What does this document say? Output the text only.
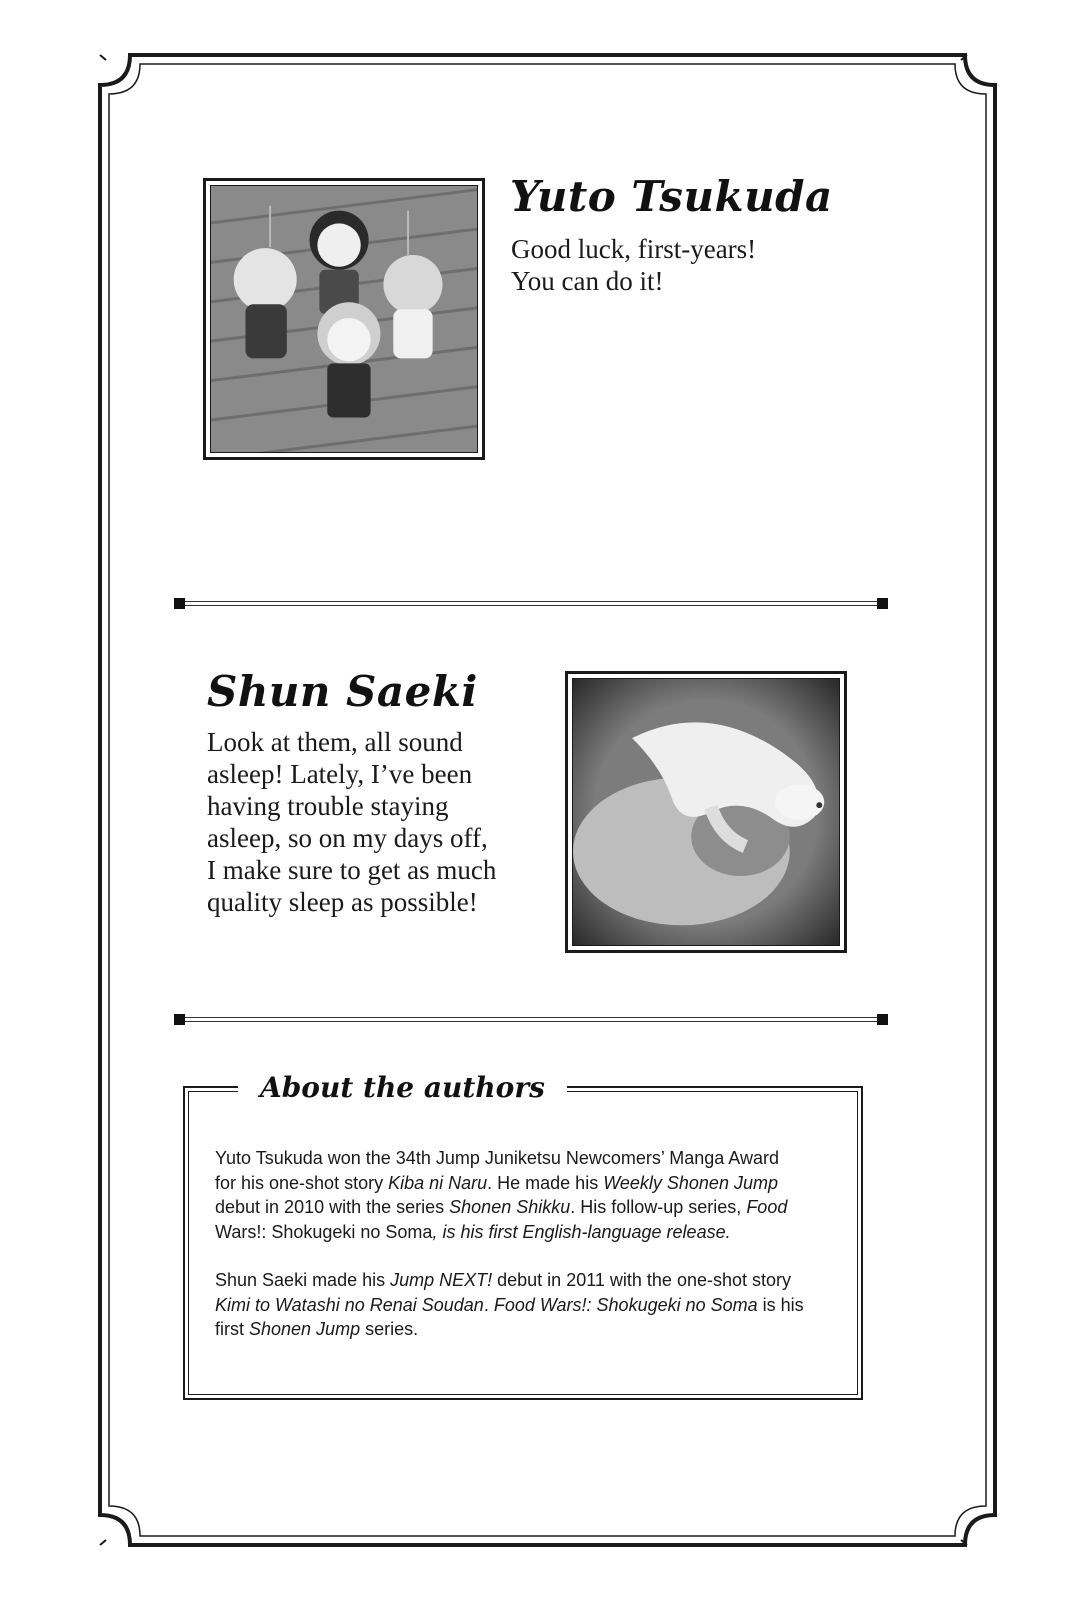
Yuto Tsukuda

Good luck, first-years!
You can do it!

Shun Saeki

Look at them, all sound
asleep! Lately, I’ve been
having trouble staying
asleep, so on my days off,
I make sure to get as much
quality sleep as possible!

About the authors

Yuto Tsukuda won the 34th Jump Juniketsu Newcomers’ Manga Award
for his one-shot story Kiba ni Naru. He made his Weekly Shonen Jump
debut in 2010 with the series Shonen Shikku. His follow-up series, Food
Wars!: Shokugeki no Soma, is his first English-language release.

Shun Saeki made his Jump NEXT! debut in 2011 with the one-shot story
Kimi to Watashi no Renai Soudan. Food Wars!: Shokugeki no Soma is his
first Shonen Jump series.
